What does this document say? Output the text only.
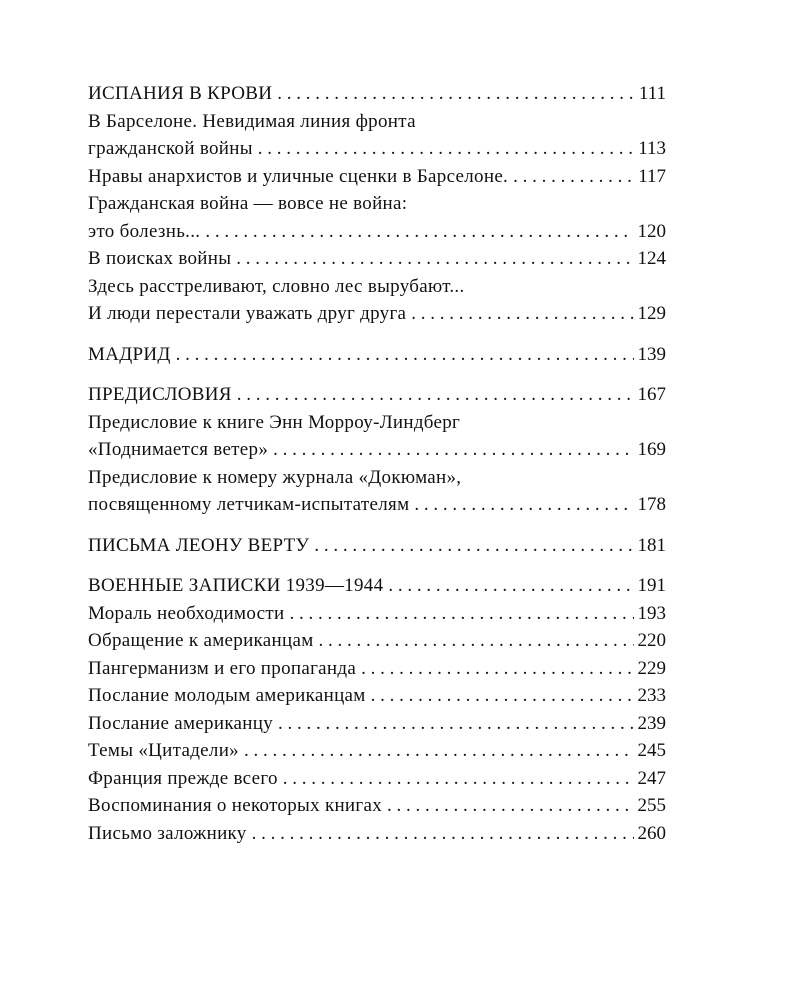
ИСПАНИЯ В КРОВИ . . .	111
В Барселоне. Невидимая линия фронта
гражданской войны . . .	113
Нравы анархистов и уличные сценки в Барселоне. . . .	117
Гражданская война — вовсе не война:
это болезнь... . . .	120
В поисках войны . . .	124
Здесь расстреливают, словно лес вырубают...
И люди перестали уважать друг друга . . .	129
МАДРИД . . .	139
ПРЕДИСЛОВИЯ . . .	167
Предисловие к книге Энн Морроу-Линдберг
«Поднимается ветер» . . .	169
Предисловие к номеру журнала «Докюман»,
посвященному летчикам-испытателям . . .	178
ПИСЬМА ЛЕОНУ ВЕРТУ . . .	181
ВОЕННЫЕ ЗАПИСКИ 1939—1944 . . .	191
Мораль необходимости . . .	193
Обращение к американцам . . .	220
Пангерманизм и его пропаганда . . .	229
Послание молодым американцам . . .	233
Послание американцу . . .	239
Темы «Цитадели» . . .	245
Франция прежде всего . . .	247
Воспоминания о некоторых книгах . . .	255
Письмо заложнику . . .	260
